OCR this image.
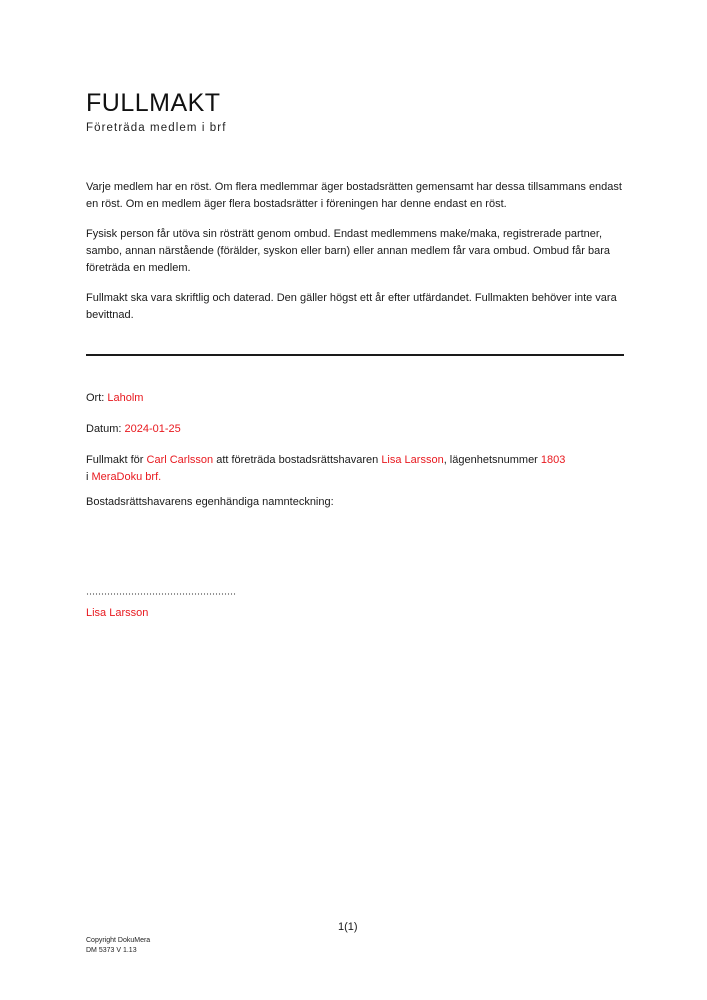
FULLMAKT
Företräda medlem i brf

Varje medlem har en röst. Om flera medlemmar äger bostadsrätten gemensamt har dessa tillsammans endast en röst. Om en medlem äger flera bostadsrätter i föreningen har denne endast en röst.

Fysisk person får utöva sin rösträtt genom ombud. Endast medlemmens make/maka, registrerade partner, sambo, annan närstående (förälder, syskon eller barn) eller annan medlem får vara ombud. Ombud får bara företräda en medlem.

Fullmakt ska vara skriftlig och daterad. Den gäller högst ett år efter utfärdandet. Fullmakten behöver inte vara bevittnad.

Ort: Laholm
Datum: 2024-01-25
Fullmakt för Carl Carlsson att företräda bostadsrättshavaren Lisa Larsson, lägenhetsnummer 1803
i MeraDoku brf.
Bostadsrättshavarens egenhändiga namnteckning:
Lisa Larsson
1(1)
Copyright DokuMera
DM 5373 V 1.13
